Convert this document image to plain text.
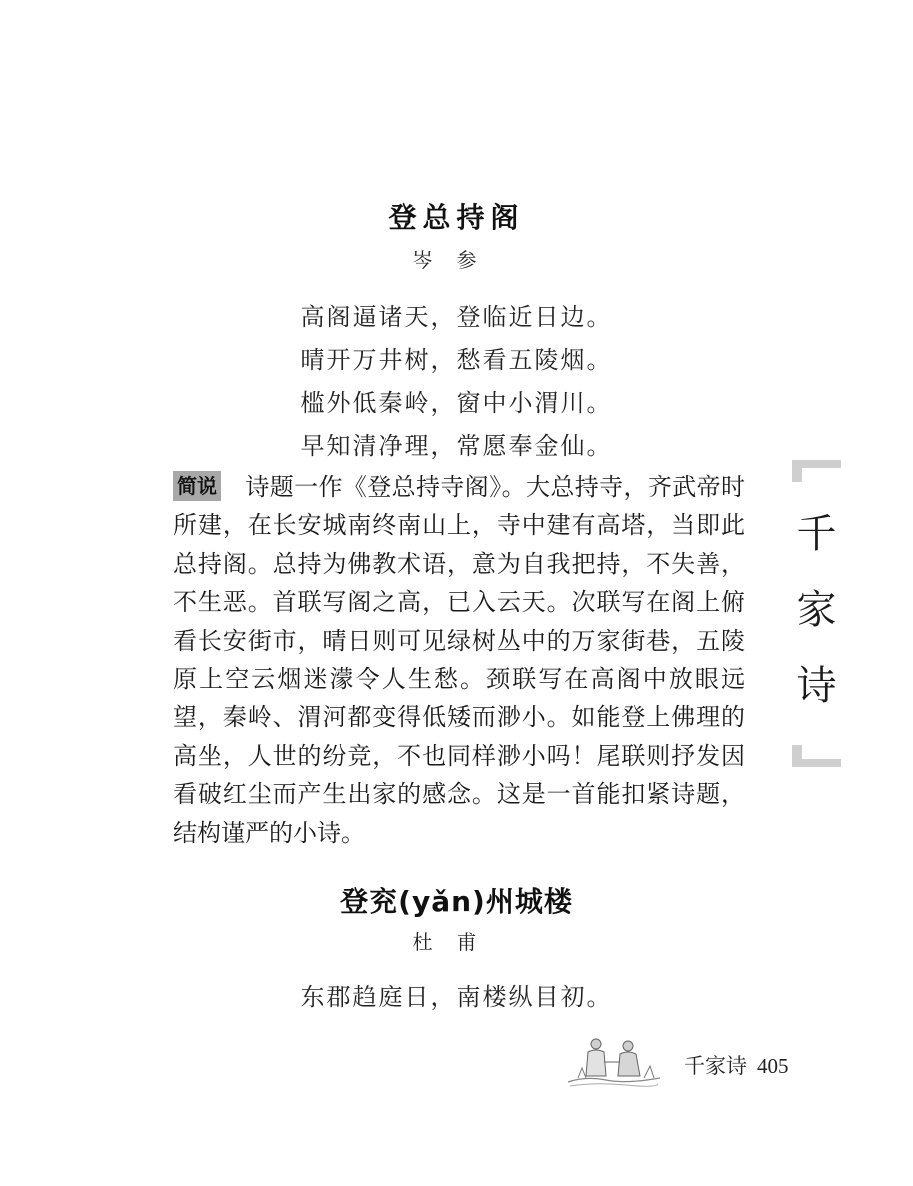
登总持阁
岑参
高阁逼诸天，登临近日边。
晴开万井树，愁看五陵烟。
槛外低秦岭，窗中小渭川。
早知清净理，常愿奉金仙。
简说 诗题一作《登总持寺阁》。大总持寺，齐武帝时所建，在长安城南终南山上，寺中建有高塔，当即此总持阁。总持为佛教术语，意为自我把持，不失善，不生恶。首联写阁之高，已入云天。次联写在阁上俯看长安街市，晴日则可见绿树丛中的万家街巷，五陵原上空云烟迷濛令人生愁。颈联写在高阁中放眼远望，秦岭、渭河都变得低矮而渺小。如能登上佛理的高坐，人世的纷竞，不也同样渺小吗！尾联则抒发因看破红尘而产生出家的感念。这是一首能扣紧诗题，结构谨严的小诗。
登兖(yǎn)州城楼
杜甫
东郡趋庭日，南楼纵目初。
千
家
诗
千家诗 405
